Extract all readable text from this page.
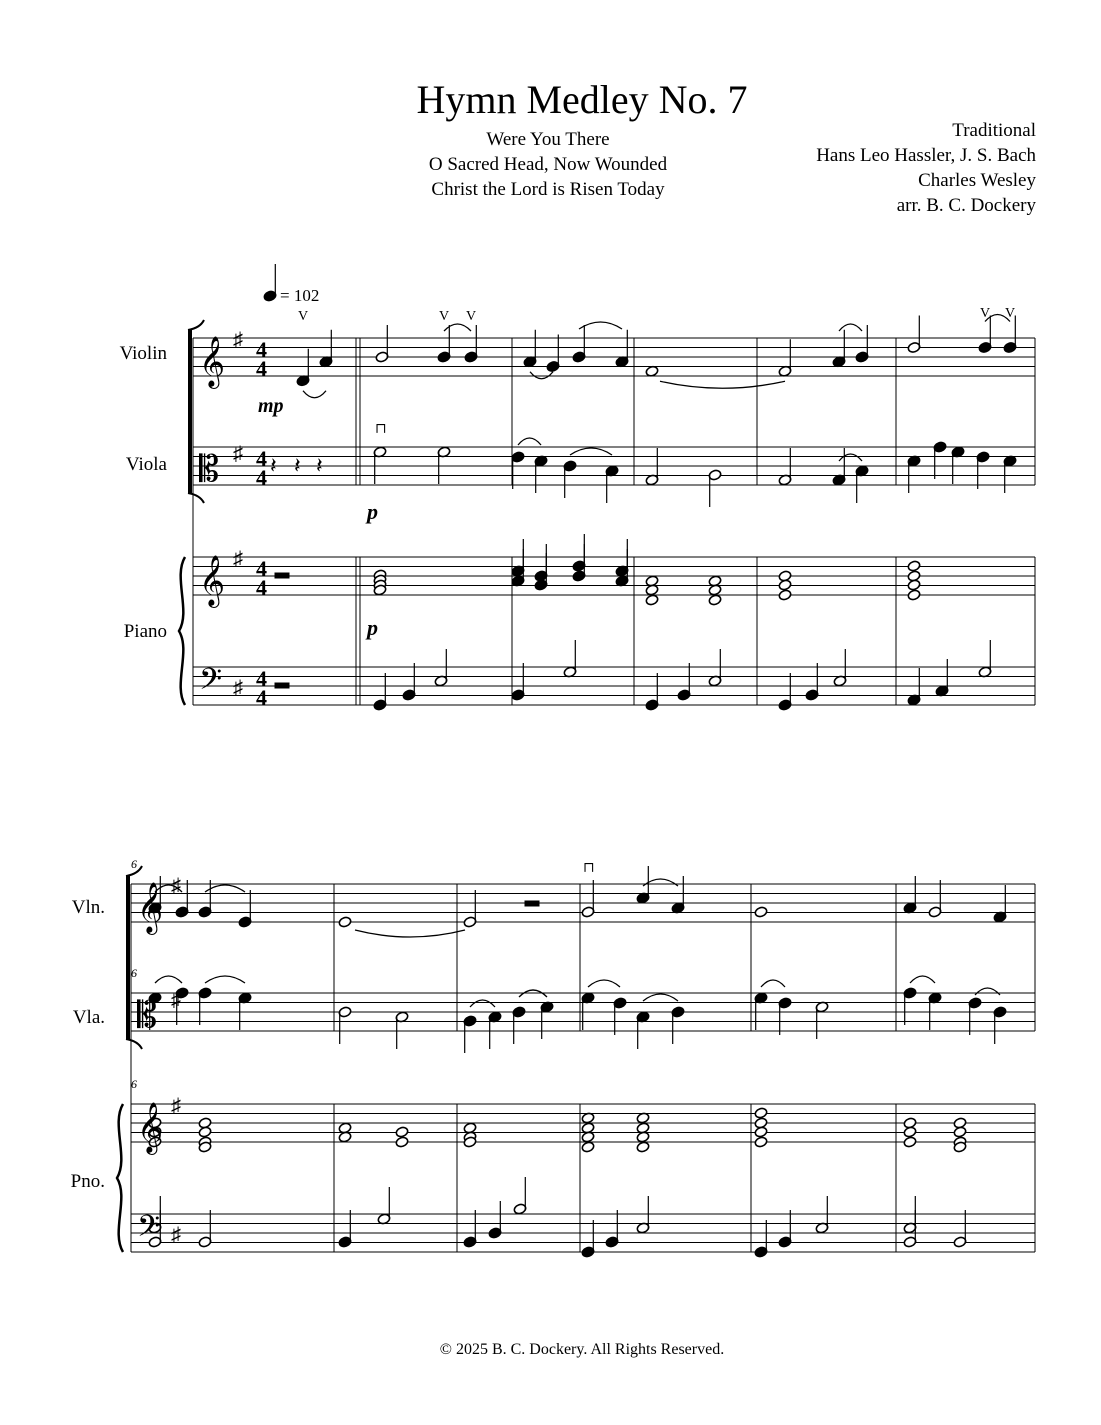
Hymn Medley No. 7
Were You There
O Sacred Head, Now Wounded
Christ the Lord is Risen Today
Traditional
Hans Leo Hassler, J. S. Bach
Charles Wesley
arr. B. C. Dockery
Violin
Viola
Piano
Vln.
Vla.
Pno.
= 102
mp
p
p
6
6
6
𝄞
𝄡
𝄞
𝄢
♯
♯
♯
♯
4
4
4
4
4
4
4
4
𝄞
𝄡
𝄞
𝄢
♯
♯
♯
♯
V	V V	V V
𝄽 𝄽 𝄽
⊓
⊓
© 2025 B. C. Dockery. All Rights Reserved.
